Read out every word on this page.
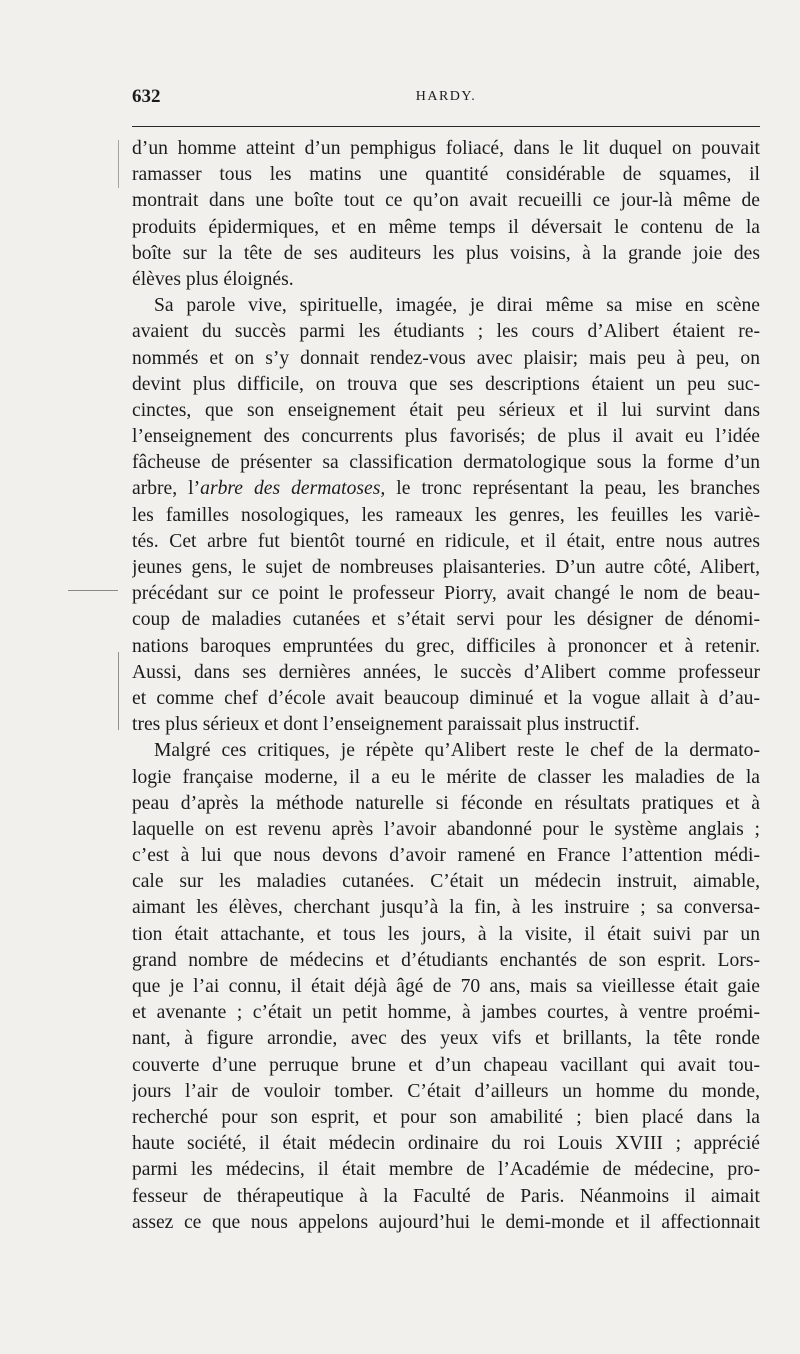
632	HARDY.
d’un homme atteint d’un pemphigus foliacé, dans le lit duquel on pouvait
ramasser tous les matins une quantité considérable de squames, il
montrait dans une boîte tout ce qu’on avait recueilli ce jour-là même de
produits épidermiques, et en même temps il déversait le contenu de la
boîte sur la tête de ses auditeurs les plus voisins, à la grande joie des
élèves plus éloignés.
Sa parole vive, spirituelle, imagée, je dirai même sa mise en scène
avaient du succès parmi les étudiants ; les cours d’Alibert étaient re-
nommés et on s’y donnait rendez-vous avec plaisir; mais peu à peu, on
devint plus difficile, on trouva que ses descriptions étaient un peu suc-
cinctes, que son enseignement était peu sérieux et il lui survint dans
l’enseignement des concurrents plus favorisés; de plus il avait eu l’idée
fâcheuse de présenter sa classification dermatologique sous la forme d’un
arbre, l’arbre des dermatoses, le tronc représentant la peau, les branches
les familles nosologiques, les rameaux les genres, les feuilles les variè-
tés. Cet arbre fut bientôt tourné en ridicule, et il était, entre nous autres
jeunes gens, le sujet de nombreuses plaisanteries. D’un autre côté, Alibert,
précédant sur ce point le professeur Piorry, avait changé le nom de beau-
coup de maladies cutanées et s’était servi pour les désigner de dénomi-
nations baroques empruntées du grec, difficiles à prononcer et à retenir.
Aussi, dans ses dernières années, le succès d’Alibert comme professeur
et comme chef d’école avait beaucoup diminué et la vogue allait à d’au-
tres plus sérieux et dont l’enseignement paraissait plus instructif.
Malgré ces critiques, je répète qu’Alibert reste le chef de la dermato-
logie française moderne, il a eu le mérite de classer les maladies de la
peau d’après la méthode naturelle si féconde en résultats pratiques et à
laquelle on est revenu après l’avoir abandonné pour le système anglais ;
c’est à lui que nous devons d’avoir ramené en France l’attention médi-
cale sur les maladies cutanées. C’était un médecin instruit, aimable,
aimant les élèves, cherchant jusqu’à la fin, à les instruire ; sa conversa-
tion était attachante, et tous les jours, à la visite, il était suivi par un
grand nombre de médecins et d’étudiants enchantés de son esprit. Lors-
que je l’ai connu, il était déjà âgé de 70 ans, mais sa vieillesse était gaie
et avenante ; c’était un petit homme, à jambes courtes, à ventre proémi-
nant, à figure arrondie, avec des yeux vifs et brillants, la tête ronde
couverte d’une perruque brune et d’un chapeau vacillant qui avait tou-
jours l’air de vouloir tomber. C’était d’ailleurs un homme du monde,
recherché pour son esprit, et pour son amabilité ; bien placé dans la
haute société, il était médecin ordinaire du roi Louis XVIII ; apprécié
parmi les médecins, il était membre de l’Académie de médecine, pro-
fesseur de thérapeutique à la Faculté de Paris. Néanmoins il aimait
assez ce que nous appelons aujourd’hui le demi-monde et il affectionnait
